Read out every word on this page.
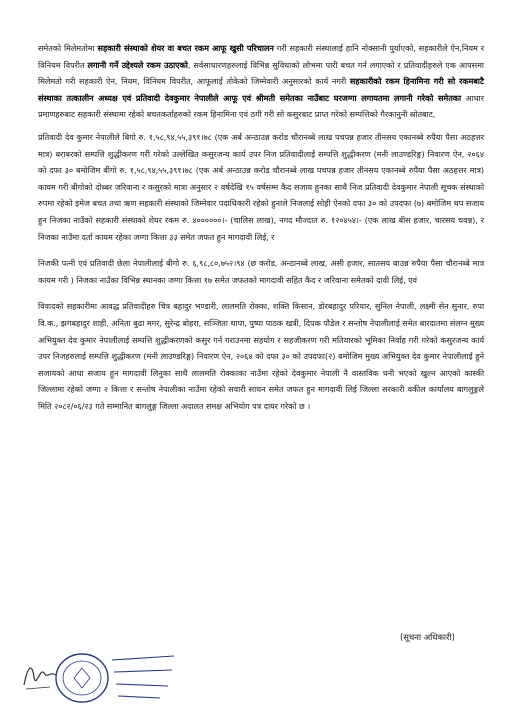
समेतको मिलेमतोमा सहकारी संस्थाको शेयर वा बचत रकम आफू खुसी परिचालन गरी सहकारी संस्थालाई हानि नोक्सानी पुर्याएको, सहकारीले ऐन,नियम र विनियम विपरीत लगानी गर्ने उद्देश्यले रकम उठाएको, सर्वसाधारणहरुलाई विभिन्न सुविधाको लोभमा पारी बचत गर्न लगाएको र प्रतिवादीहरुले एक आपसमा मिलेमतो गरी सहकारी ऐन, नियम, विनियम विपरीत, आफूलाई तोकेको जिम्मेवारी अनुसारको कार्य नगरी सहकारीको रकम हिनामिना गरी सो रकमबाटै संस्थाका तत्कालीन अध्यक्ष एवं प्रतिवादी देवकुमार नेपालीले आफू एवं श्रीमती समेतका नाउँबाट घरजग्गा लगायतमा लगानी गरेको समेतका आधार प्रमाणहरुबाट सहकारी संस्थामा रहेको बचतकर्ताहरुको रकम हिनामिना एवं ठगी गरी सो कसुरबाट प्राप्त गरेको सम्पत्तिको गैरकानुनी स्रोतबाट,

प्रतिवादी देव कुमार नेपालीले बिगो रु. १,५८,९४,५५,३९१।७८ (एक अर्ब अन्ठाउन्न करोड चौरानब्बे लाख पचपन्न हजार तीनसय एकानब्बे रुपैया पैसा अठहत्तर मात्र) बराबरको सम्पत्ति शुद्धीकरण गरी गरेको उल्लेखित कसुरजन्य कार्य उपर निज प्रतिवादीलाई सम्पत्ति शुद्धीकरण (मनी लाउण्डरिङ्ग) निवारण ऐन, २०६४ को दफा ३० बमोजिम बीगो रु. १,५८,९४,५५,३९१।७८ (एक अर्ब अन्ठाउन्न करोड चौरानब्बे लाख पचपन्न हजार तीनसय एकानब्बे रुपैया पैसा अठहत्तर मात्र) कायम गरी बीगोको दोब्बर जरिवाना र कसुरको मात्रा अनुसार २ वर्षदेखि १५ वर्षसम्म कैद सजाय हुनका साथै निज प्रतिवादी देवकुमार नेपाली सूचक संस्थाको रुपमा रहेको इमेज बचत तथा ऋण सहकारी संस्थाको जिम्मेवार पदाधिकारी रहेको हुनाले निजलाई सोही ऐनको दफा ३० को उपदफा (७) बमोजिम थप सजाय हुन निजका नाउँको सहकारी संस्थाको शेयर रकम रु. ४००००००।- (चालिस लाख), नगद मौज्दात रु. १२०४५४।- (एक लाख बीस हजार, चारसय चवन्न), र निजका नाउँमा दर्ता कायम रहेका जग्गा कित्ता ३३ समेत जफत हुन मागदावी लिई, र

निजकी पत्नी एवं प्रतिवादी छेला नेपालीलाई बीगो रु. ६,९८,८०,७५२।९४ (छ करोड, अन्ठानब्बे लाख, असी हजार, सातसय बाउन्न रुपैया पैसा चौरानब्बे मात्र कायम गरी ) निजका नाउँका विभिन्न स्थानका जग्गा कित्ता १७ समेत जफतको मागदावी सहित कैद र जरिवाना समेतको दावी लिई, एवं

विवादको सहकारीमा आवद्ध प्रतिवादीहरु चित्र बहादुर भण्डारी, लालमति रोक्का, शक्ति किसान, डोरबहादुर परियार, सुनिल नेपाली, लक्ष्मी सेन सुनार, रुपा वि.क., झगबहादुर शाही, अनिता बुढा मगर, सुरेन्द्र बोहरा, सञ्जिता थापा, पुष्पा पाठक खत्री, दिपक पौडेल र सन्तोष नेपालीलाई समेत बारदातमा संलग्न मुख्य अभियुक्त देव कुमार नेपालीलाई सम्पत्ति शुद्धीकरणको कसुर गर्न गराउनमा सहयोग र सहजीकरण गरी मतियारको भूमिका निर्वाह गरी गरेको कसुरजन्य कार्य उपर निजहरुलाई सम्पत्ति शुद्धीकरण (मनी लाउण्डरिङ्ग) निवारण ऐन, २०६४ को दफा ३० को उपदफा(२) बमोजिम मुख्य अभियुक्त देव कुमार नेपालीलाई हुने सजायको आधा सजाय हुन मागदावी लिनुका साथै लालमति रोक्काका नाउँमा रहेको देवकुमार नेपाली नै वास्तविक धनी भएको खुल्न आएको कास्की जिल्लामा रहेको जग्गा २ कित्ता र सन्तोष नेपालीका नाउँमा रहेको सवारी साधन समेत जफत हुन मागदावी लिई जिल्ला सरकारी वकील कार्यालय बागलुङ्गले मिति २०८२/०६/२३ गते सम्मानित बागलुङ्ग जिल्ला अदालत समक्ष अभियोग पत्र दायर गरेको छ ।

(सूचना अधिकारी)
